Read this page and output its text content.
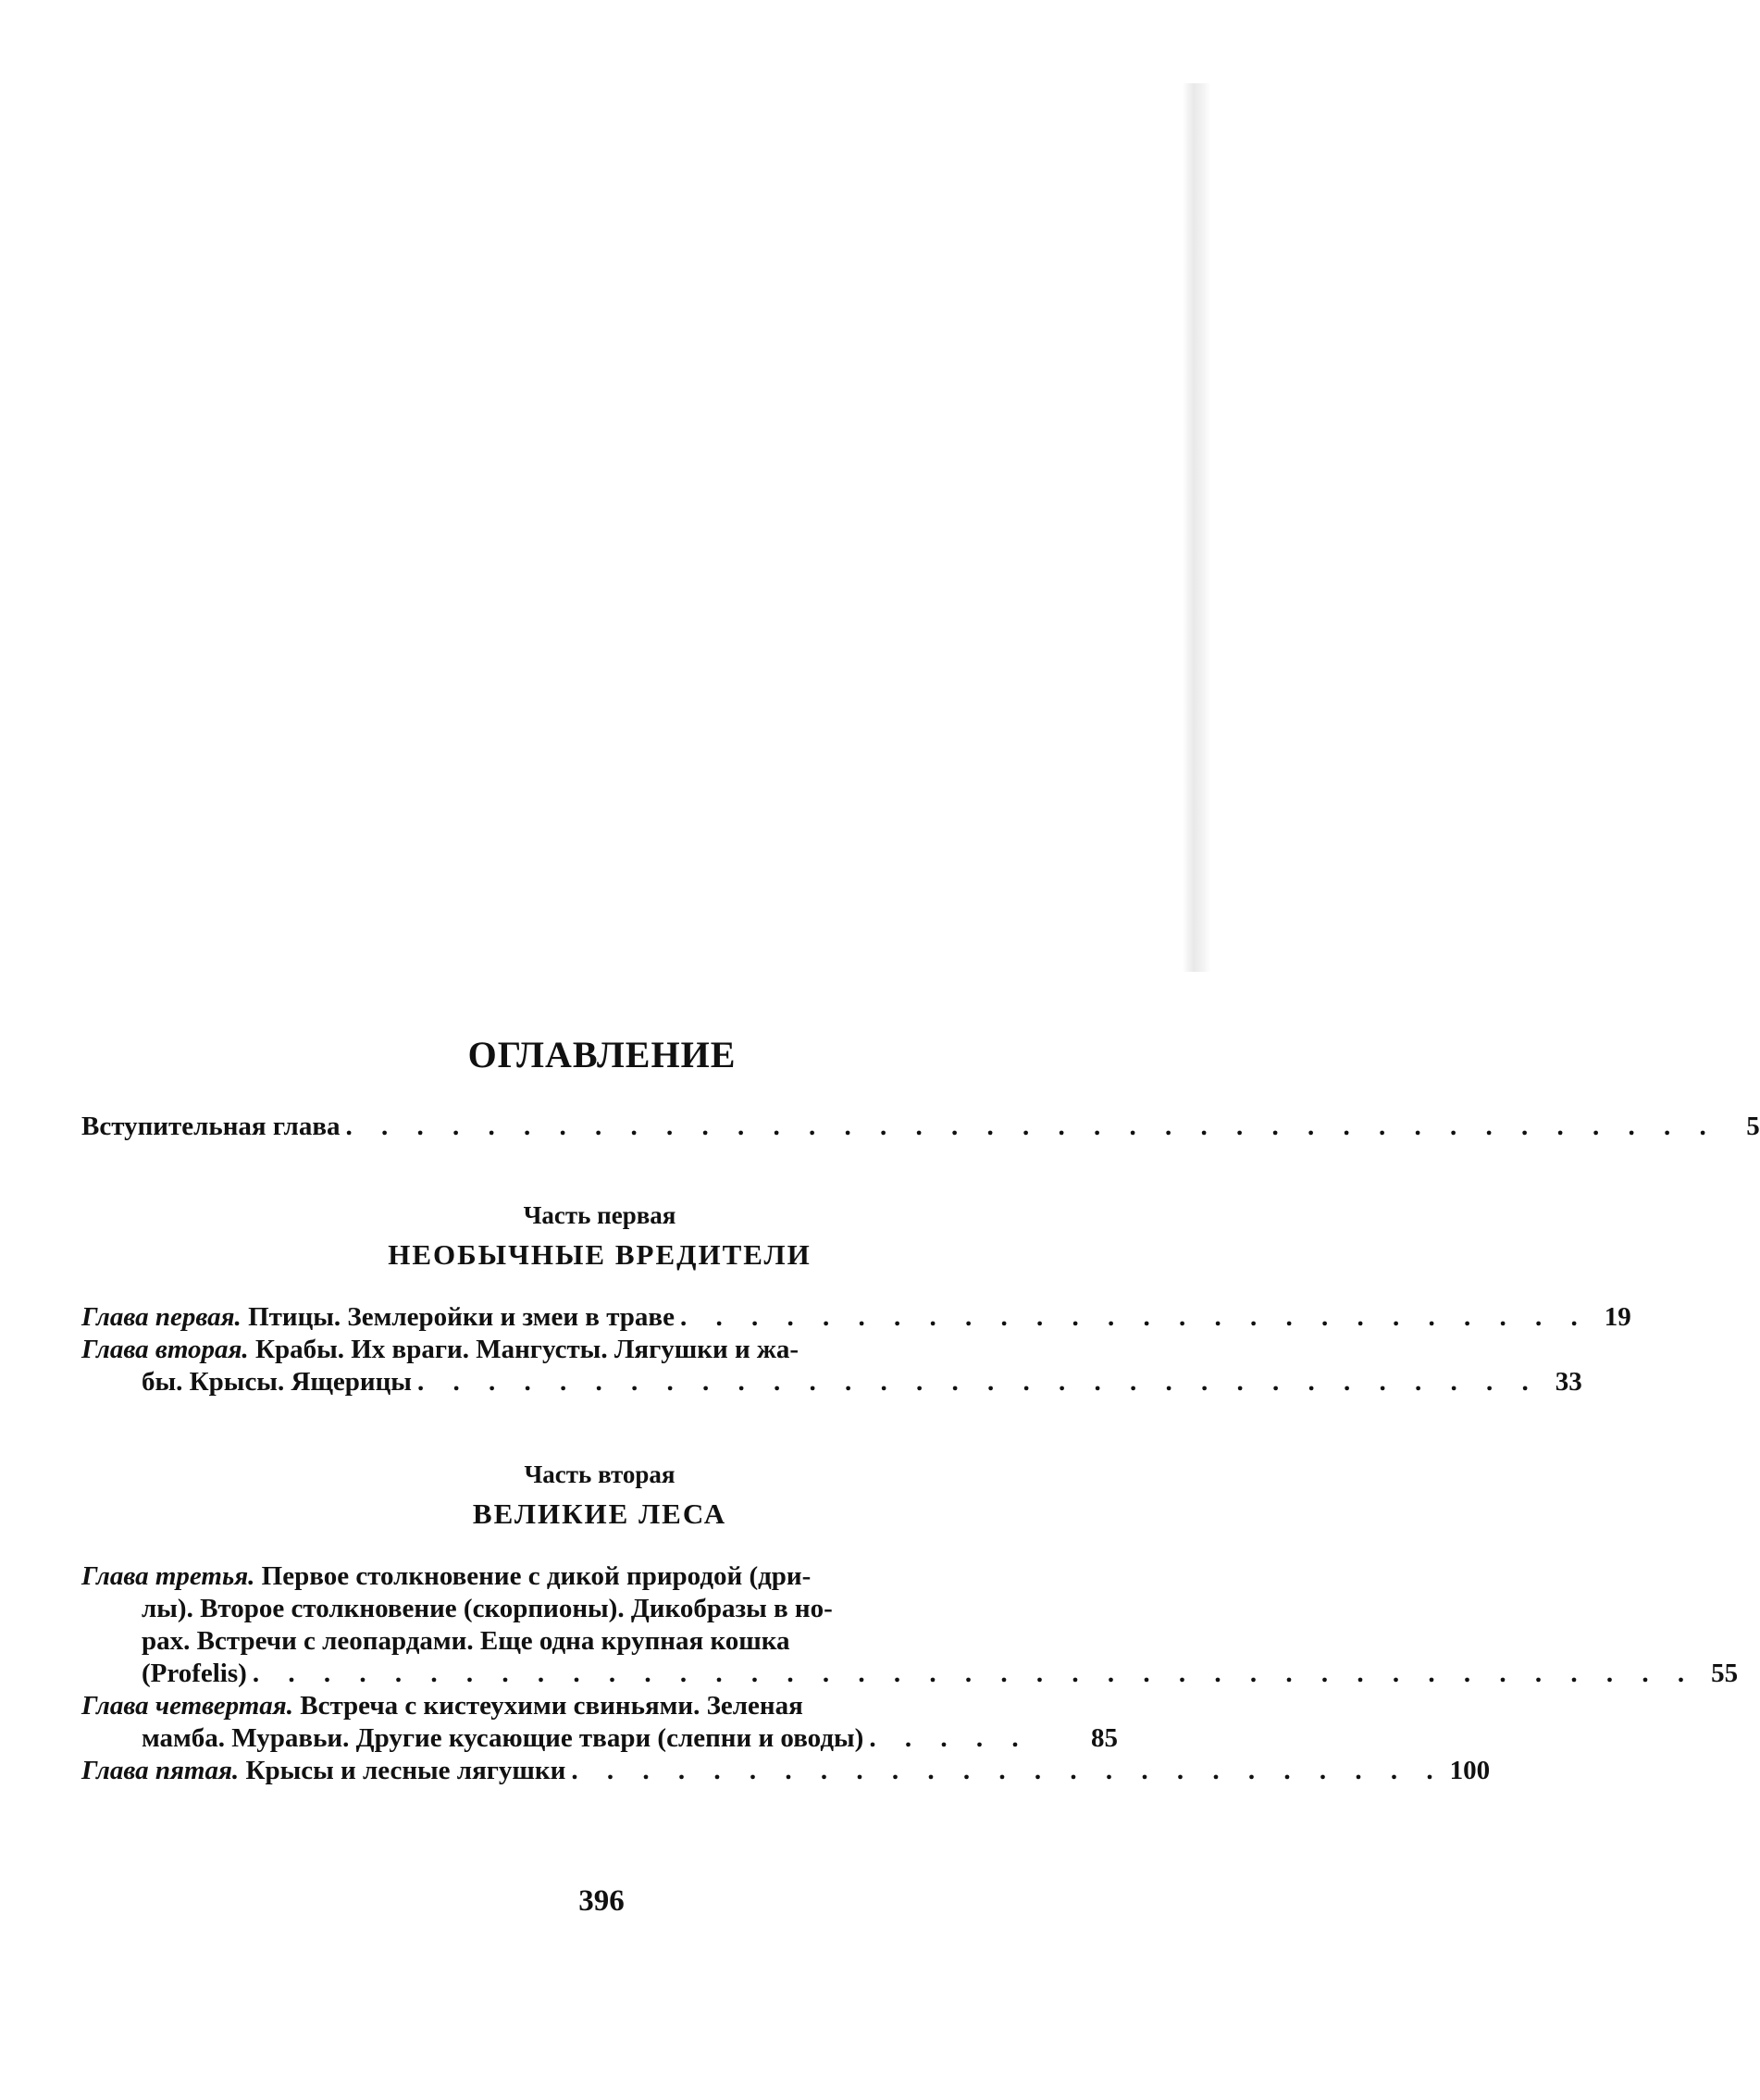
ОГЛАВЛЕНИЕ
Вступительная глава . . . . . . . . . . . . . . . . . . . . . . . . . . . . . . . . . . . . . . .	5
Часть первая
НЕОБЫЧНЫЕ ВРЕДИТЕЛИ
Глава первая. Птицы. Землеройки и змеи в траве . . . . . . . . . . . . . . . . . . . . . . . . . . 19
Глава вторая. Крабы. Их враги. Мангусты. Лягушки и жа-
бы. Крысы. Ящерицы . . . . . . . . . . . . . . . . . . . . . . . . . . . . . . . . 33
Часть вторая
ВЕЛИКИЕ ЛЕСА
Глава третья. Первое столкновение с дикой природой (дри-
лы). Второе столкновение (скорпионы). Дикобразы в но-
рах. Встречи с леопардами. Еще одна крупная кошка
(Profelis) . . . . . . . . . . . . . . . . . . . . . . . . . . . . . . . . . . . . . . . . . 55
Глава четвертая. Встреча с кистеухими свиньями. Зеленая
мамба. Муравьи. Другие кусающие твари (слепни и оводы) . . . . .	85
Глава пятая. Крысы и лесные лягушки . . . . . . . . . . . . . . . . . . . . . . . . . 100
396
